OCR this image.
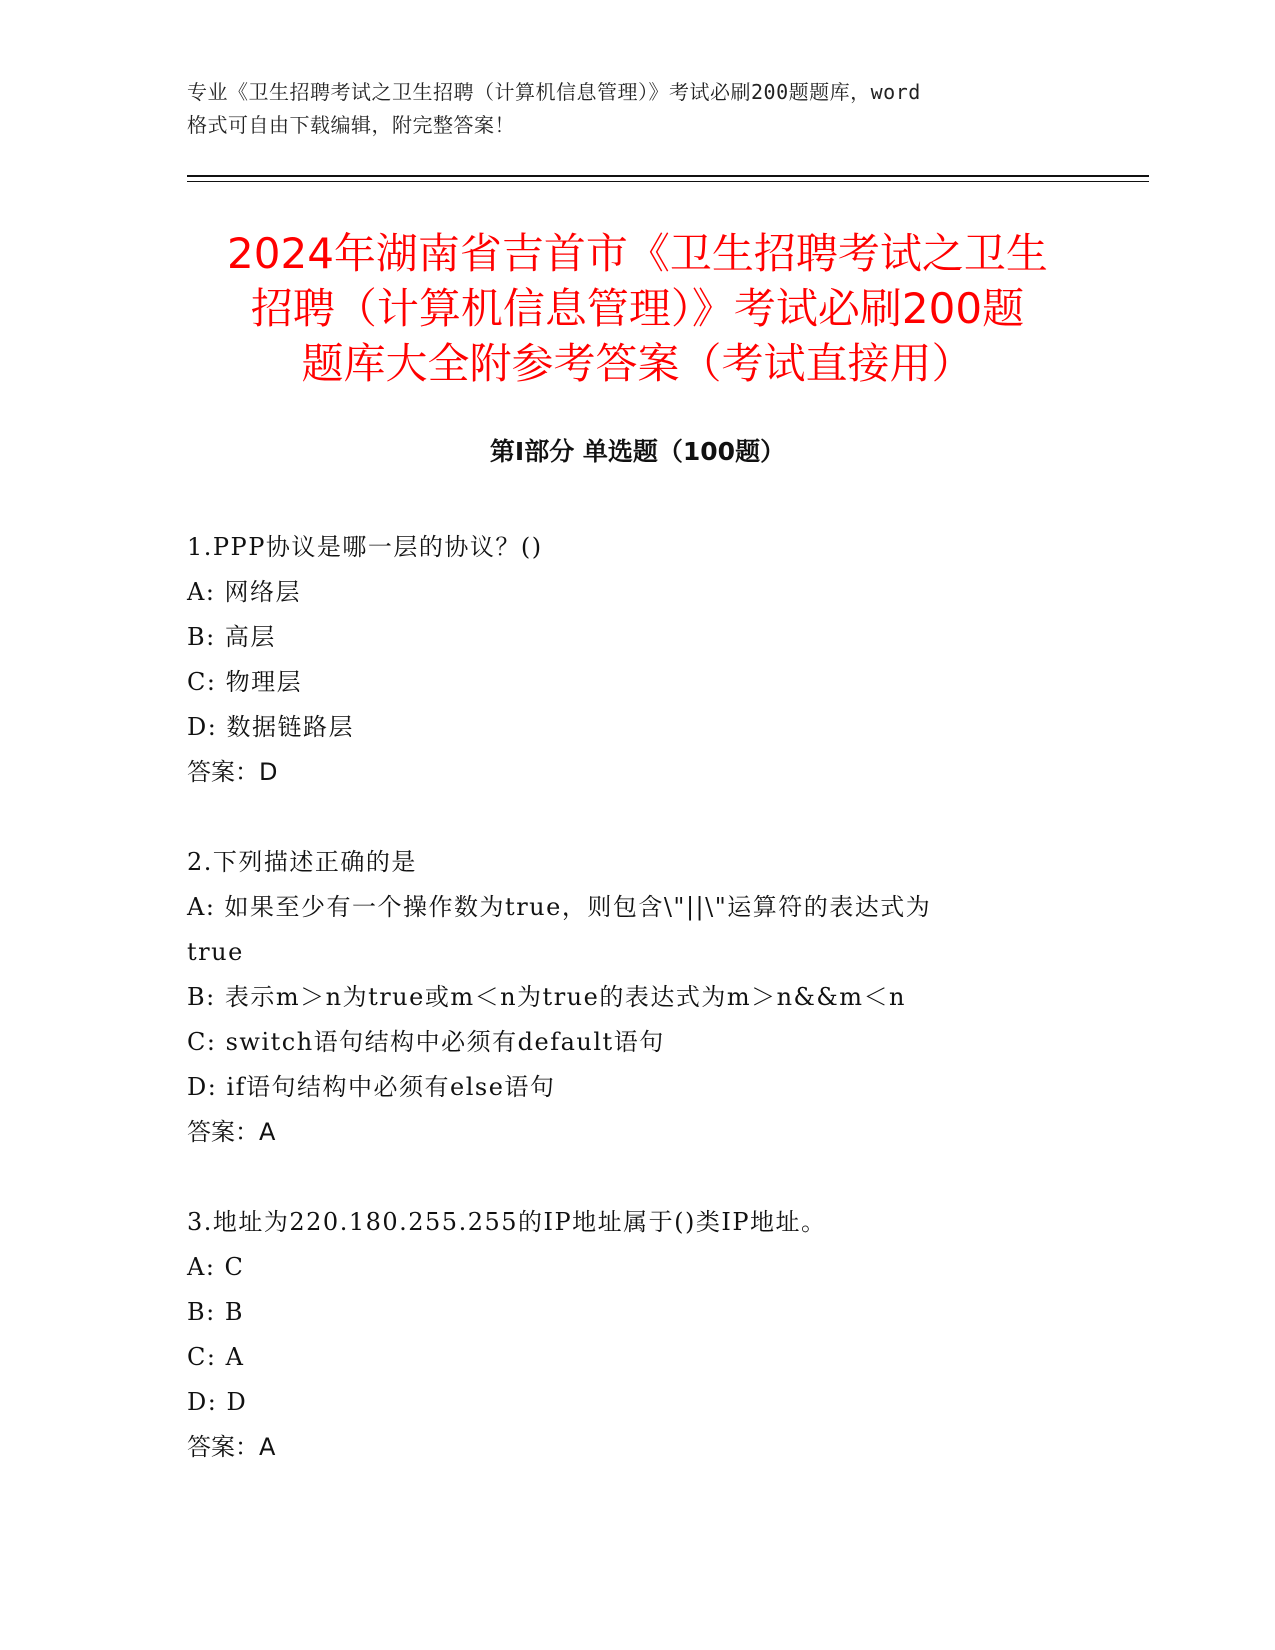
专业《卫生招聘考试之卫生招聘（计算机信息管理）》考试必刷200题题库，word
格式可自由下载编辑，附完整答案！
2024年湖南省吉首市《卫生招聘考试之卫生
招聘（计算机信息管理）》考试必刷200题
题库大全附参考答案（考试直接用）
第I部分 单选题（100题）
1.PPP协议是哪一层的协议？()
A: 网络层
B: 高层
C: 物理层
D: 数据链路层
答案：D
2.下列描述正确的是
A: 如果至少有一个操作数为true，则包含\"||\"运算符的表达式为
true
B: 表示m＞n为true或m＜n为true的表达式为m＞n&&m＜n
C: switch语句结构中必须有default语句
D: if语句结构中必须有else语句
答案：A
3.地址为220.180.255.255的IP地址属于()类IP地址。
A: C
B: B
C: A
D: D
答案：A
